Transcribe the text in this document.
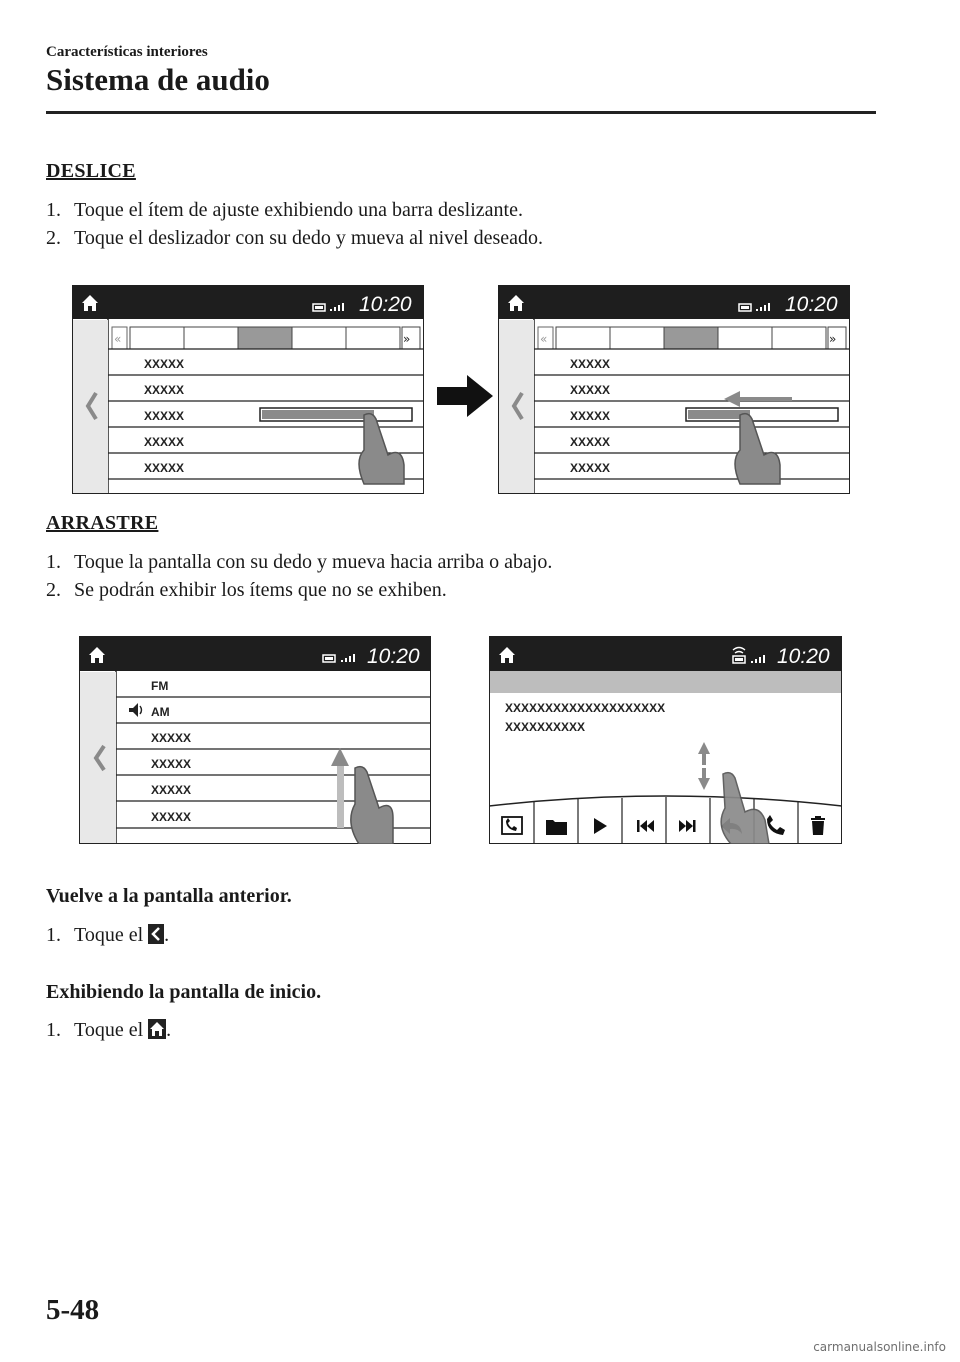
Características interiores
Sistema de audio
DESLICE
1. Toque el ítem de ajuste exhibiendo una barra deslizante.
2. Toque el deslizador con su dedo y mueva al nivel deseado.
10:20
«	»
XXXXX
XXXXX
XXXXX
XXXXX
XXXXX
10:20
«	»
XXXXX
XXXXX
XXXXX
XXXXX
XXXXX
ARRASTRE
1. Toque la pantalla con su dedo y mueva hacia arriba o abajo.
2. Se podrán exhibir los ítems que no se exhiben.
10:20
FM
AM
XXXXX
XXXXX
XXXXX
XXXXX
10:20
XXXXXXXXXXXXXXXXXXXX
XXXXXXXXXX
Vuelve a la pantalla anterior.
1. Toque el .
Exhibiendo la pantalla de inicio.
1. Toque el .
5-48
carmanualsonline.info
